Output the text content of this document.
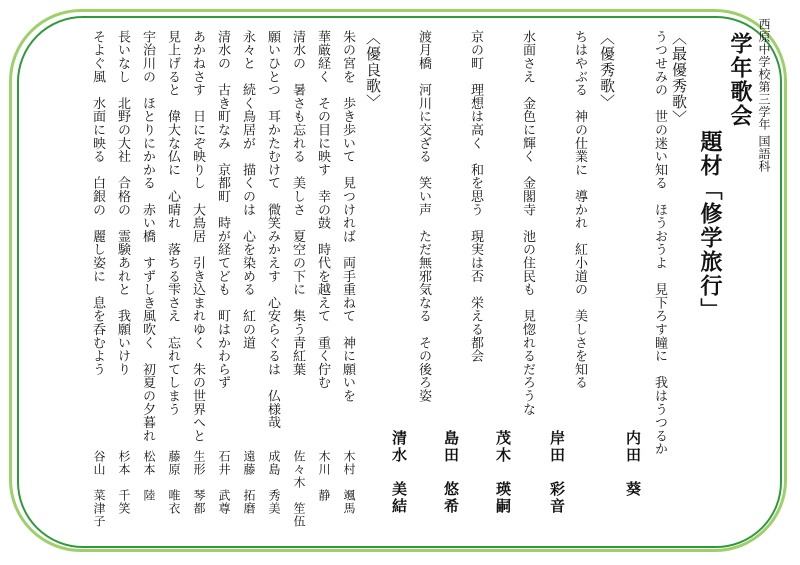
西原中学校第三学年 国語科
学年歌会
題材「修学旅行」
〈最優秀歌〉
うつせみの　世の迷い知る　ほうおうよ　見下ろす瞳に　我はうつるか
内田　葵
〈優秀歌〉
ちはやぶる　神の仕業に　導かれ　紅小道の　美しさを知る
岸田　彩音
水面さえ　金色に輝く　金閣寺　池の住民も　見惚れるだろうな
茂木　瑛嗣
京の町　理想は高く　和を思う　現実は否　栄える都会
島田　悠希
渡月橋　河川に交ざる　笑い声　ただ無邪気なる　その後ろ姿
清水　美結
〈優良歌〉
朱の宮を　歩き歩いて　見つければ　両手重ねて　神に願いを
木村　颯馬
華厳経く　その目に映す　幸の鼓　時代を越えて　重く佇む
木川　静
清水の　暑さも忘れる　美しさ　夏空の下に　集う青紅葉
佐々木　笙伍
願いひとつ　耳かたむけて　微笑みかえす　心安らぐるは　仏様哉
成島　秀美
永々と　続く鳥居が　描くのは　心を染める　紅の道
遠藤　拓磨
清水の　古き町なみ　京都町　時が経てども　町はかわらず
石井　武尊
あかねさす　日にぞ映りし　大鳥居　引き込まれゆく　朱の世界へと
生形　琴都
見上げると　偉大な仏に　心晴れ　落ちる雫さえ　忘れてしまう
藤原　唯衣
宇治川の　ほとりにかかる　赤い橋　すずしき風吹く　初夏の夕暮れ
松本　陸
長いなし　北野の大社　合格の　霊験あれと　我願いけり
杉本　千笑
そよぐ風　水面に映る　白銀の　麗し姿に　息を呑むよう
谷山　菜津子
